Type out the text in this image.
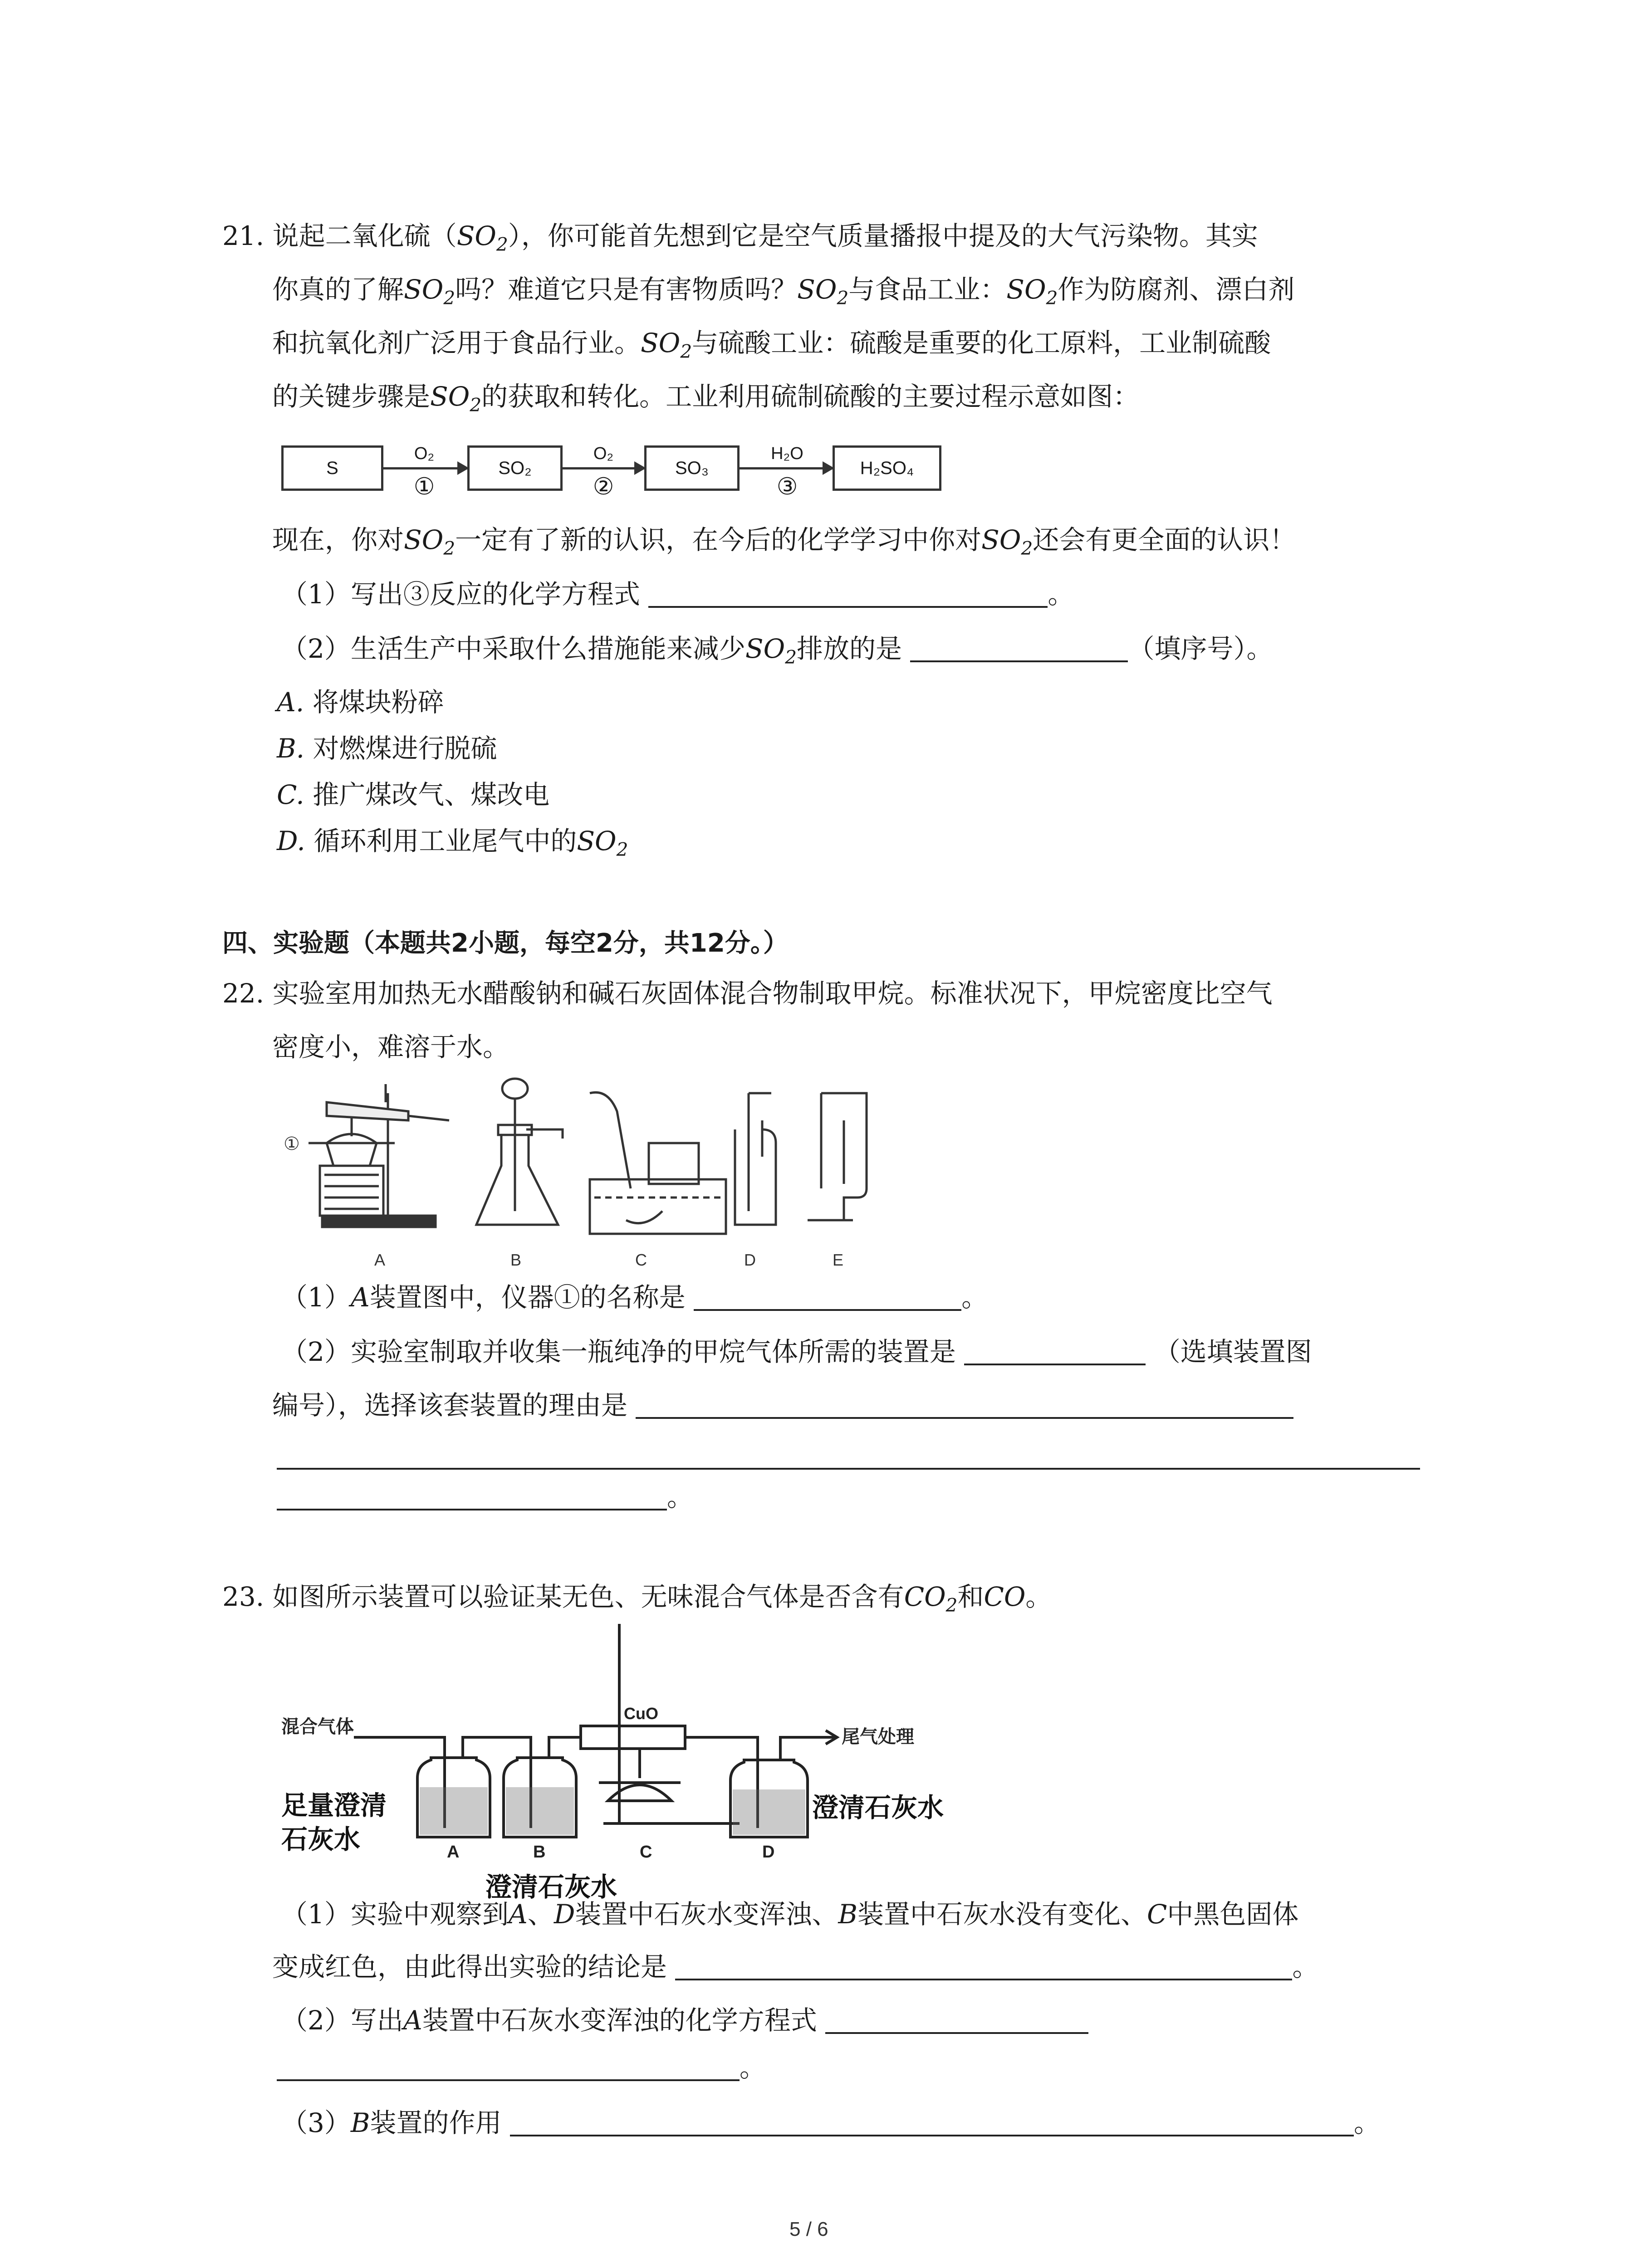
21. 说起二氧化硫$(SO_2)$，你可能首先想到它是空气质量播报中提及的大气污染物。其实
你真的了解$SO_2$吗？难道它只是有害物质吗？$SO_2$与食品工业：$SO_2$作为防腐剂、漂白剂
和抗氧化剂广泛用于食品行业。$SO_2$与硫酸工业：硫酸是重要的化工原料，工业制硫酸
的关键步骤是$SO_2$的获取和转化。工业利用硫制硫酸的主要过程示意如图：
S
O₂
①
SO₂
O₂
②
SO₃
H₂O
③
H₂SO₄
现在，你对$SO_2$一定有了新的认识，在今后的化学学习中你对$SO_2$还会有更全面的认识！
（1）写出③反应的化学方程式	。
（2）生活生产中采取什么措施能来减少$SO_2$排放的是	（填序号）。
A. 将煤块粉碎
B. 对燃煤进行脱硫
C. 推广煤改气、煤改电
D. 循环利用工业尾气中的$SO_2$
四、实验题（本题共2小题，每空2分，共12分。）
22. 实验室用加热无水醋酸钠和碱石灰固体混合物制取甲烷。标准状况下，甲烷密度比空气
密度小，难溶于水。
①
A	B	C	D	E
（1）A装置图中，仪器①的名称是	。
（2）实验室制取并收集一瓶纯净的甲烷气体所需的装置是	（选填装置图
编号），选择该套装置的理由是
。
23. 如图所示装置可以验证某无色、无味混合气体是否含有$CO_2$和CO。
混合气体
CuO
尾气处理
足量澄清
石灰水
澄清石灰水
澄清石灰水
A	B	C	D
（1）实验中观察到A、D装置中石灰水变浑浊、B装置中石灰水没有变化、C中黑色固体
变成红色，由此得出实验的结论是	。
（2）写出A装置中石灰水变浑浊的化学方程式
。
（3）B装置的作用	。
5 / 6
